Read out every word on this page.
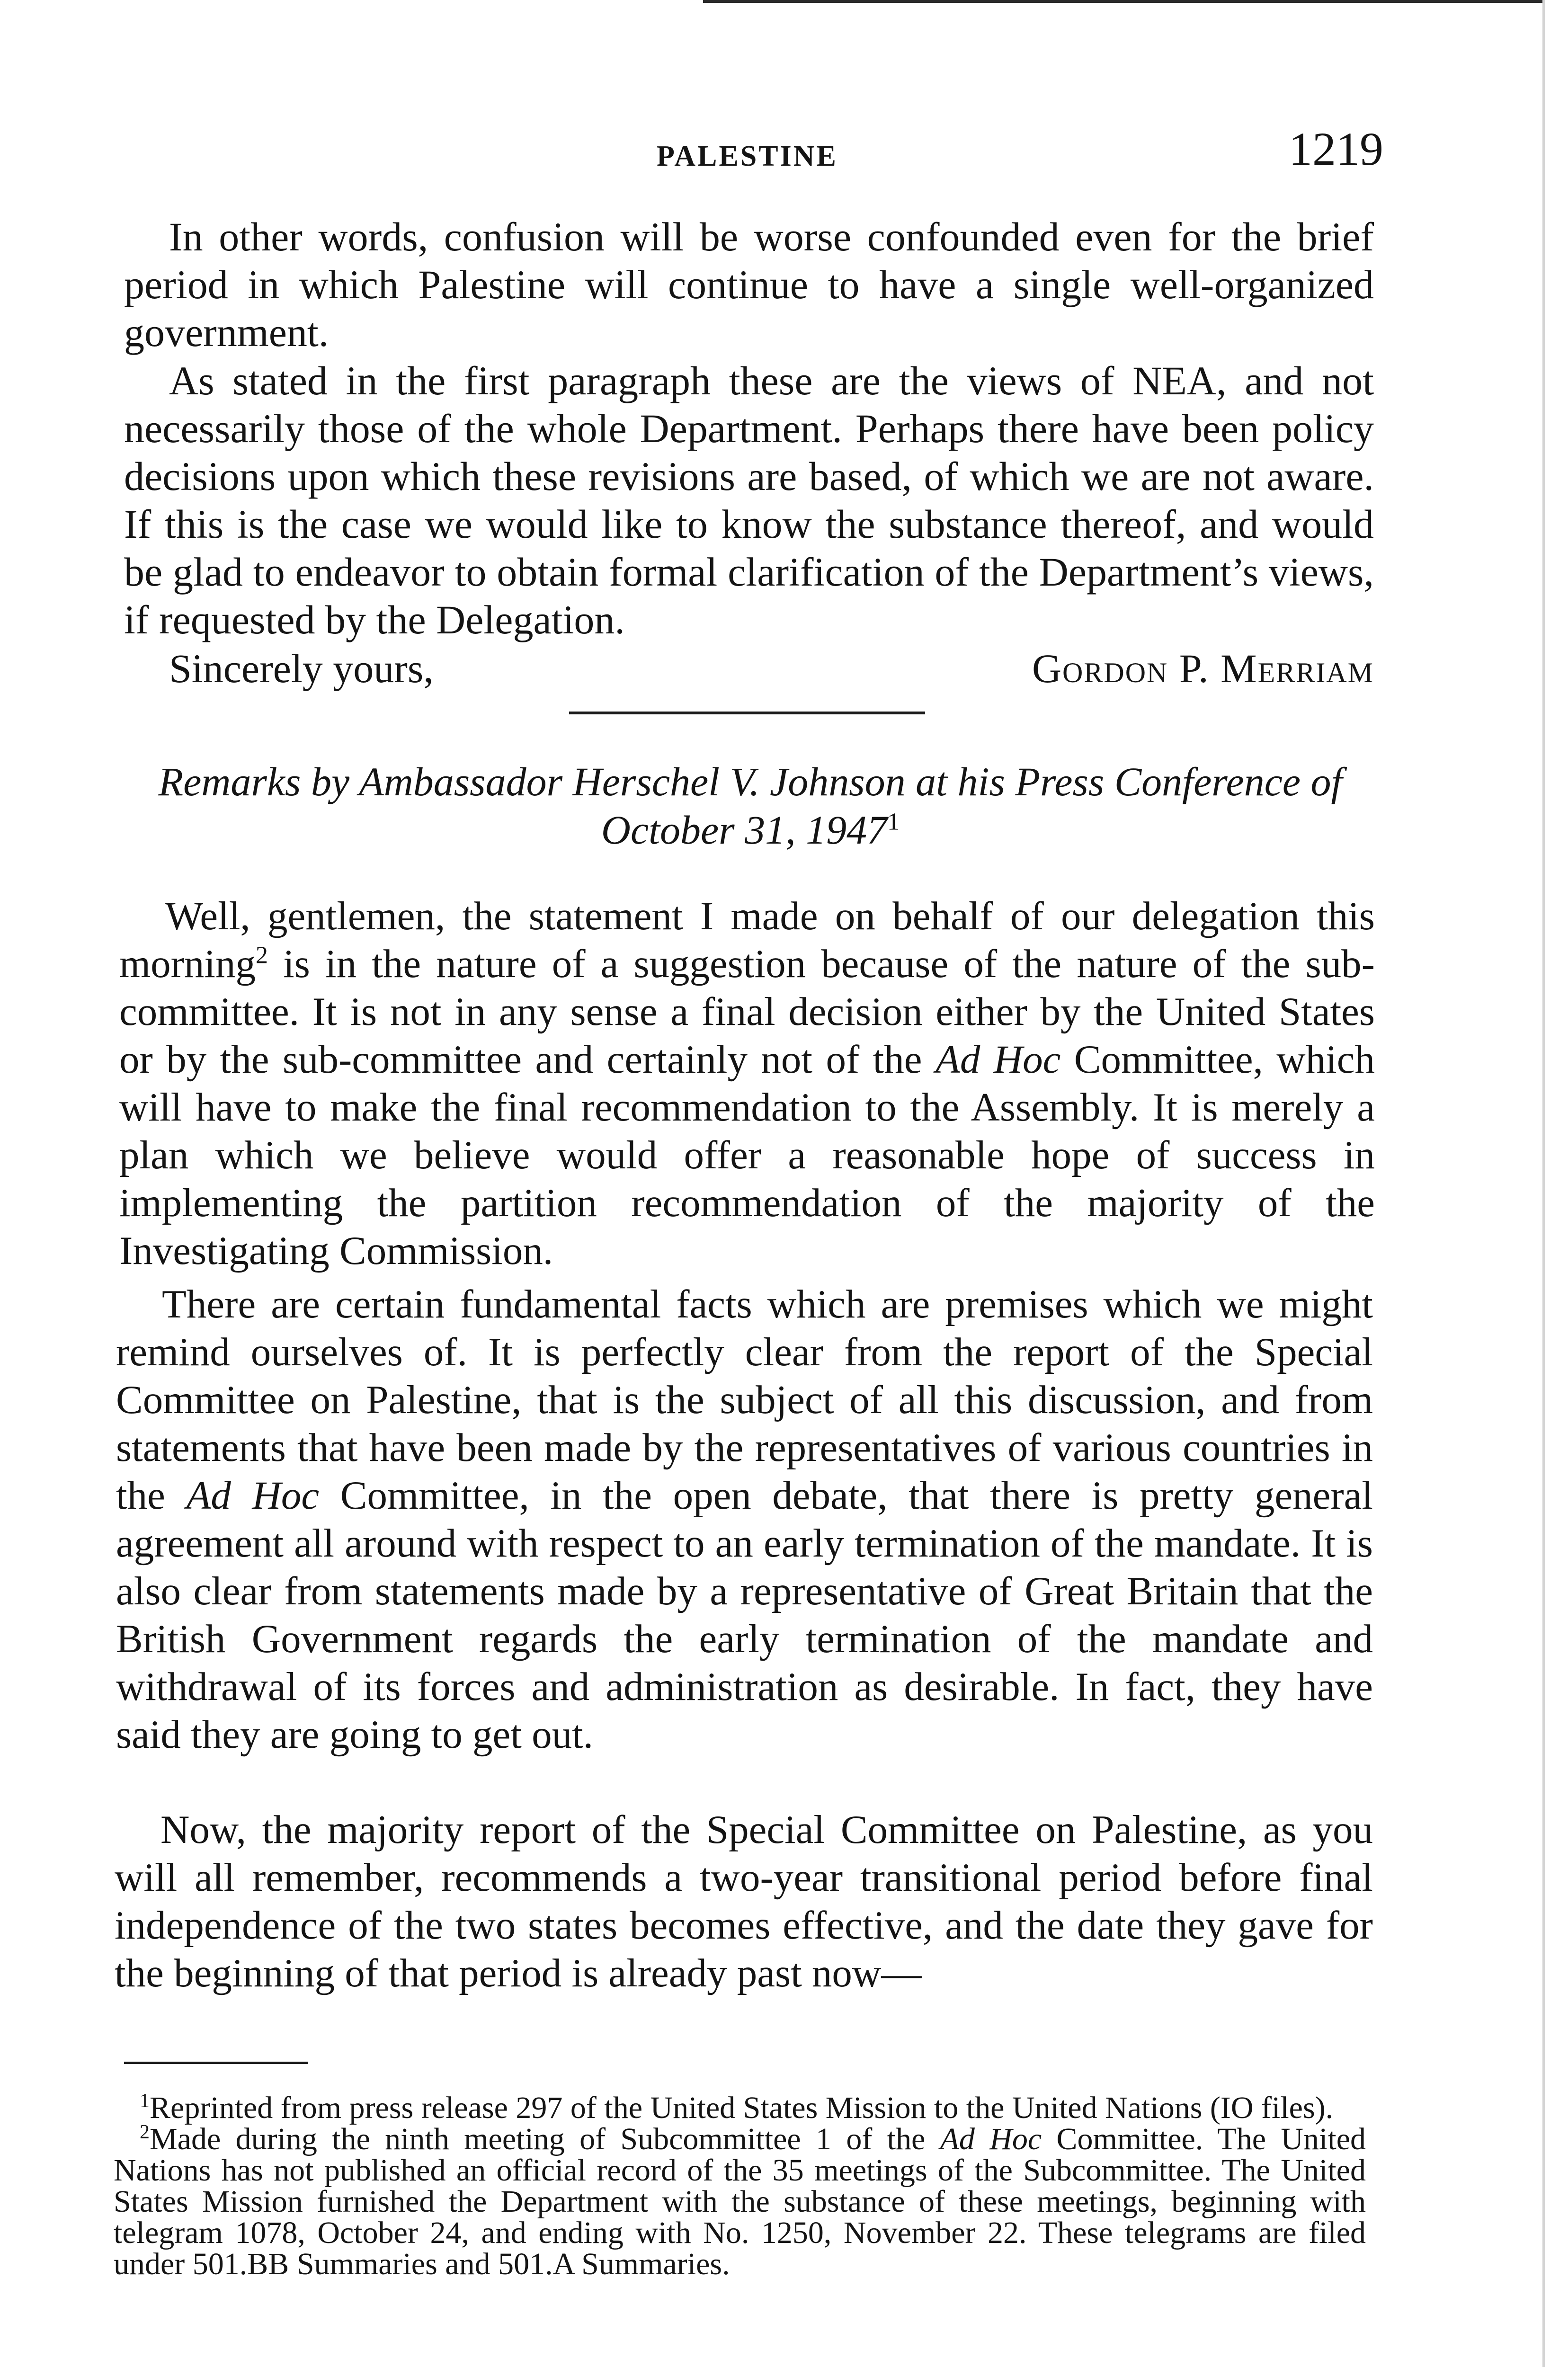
PALESTINE	1219

In other words, confusion will be worse confounded even for the brief period in which Palestine will continue to have a single well-organized government.

As stated in the first paragraph these are the views of NEA, and not necessarily those of the whole Department. Perhaps there have been policy decisions upon which these revisions are based, of which we are not aware. If this is the case we would like to know the substance thereof, and would be glad to endeavor to obtain formal clarification of the Department’s views, if requested by the Delegation.

Sincerely yours,	Gordon P. Merriam
Remarks by Ambassador Herschel V. Johnson at his Press Conference of October 31, 1947$^1$

Well, gentlemen, the statement I made on behalf of our delegation this morning$^2$ is in the nature of a suggestion because of the nature of the sub-committee. It is not in any sense a final decision either by the United States or by the sub-committee and certainly not of the Ad Hoc Committee, which will have to make the final recommendation to the Assembly. It is merely a plan which we believe would offer a reasonable hope of success in implementing the partition recommendation of the majority of the Investigating Commission.

There are certain fundamental facts which are premises which we might remind ourselves of. It is perfectly clear from the report of the Special Committee on Palestine, that is the subject of all this discussion, and from statements that have been made by the representatives of various countries in the Ad Hoc Committee, in the open debate, that there is pretty general agreement all around with respect to an early termination of the mandate. It is also clear from statements made by a representative of Great Britain that the British Government regards the early termination of the mandate and withdrawal of its forces and administration as desirable. In fact, they have said they are going to get out.

Now, the majority report of the Special Committee on Palestine, as you will all remember, recommends a two-year transitional period before final independence of the two states becomes effective, and the date they gave for the beginning of that period is already past now—

$^1$Reprinted from press release 297 of the United States Mission to the United Nations (IO files).

$^2$Made during the ninth meeting of Subcommittee 1 of the Ad Hoc Committee. The United Nations has not published an official record of the 35 meetings of the Subcommittee. The United States Mission furnished the Department with the substance of these meetings, beginning with telegram 1078, October 24, and ending with No. 1250, November 22. These telegrams are filed under 501.BB Summaries and 501.A Summaries.
